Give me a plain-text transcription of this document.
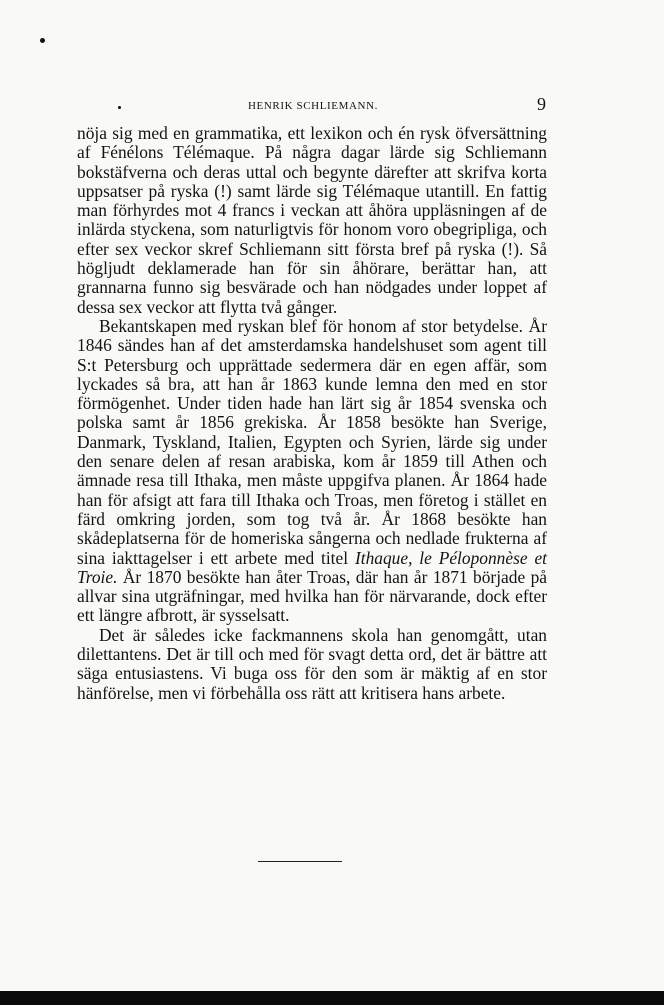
HENRIK SCHLIEMANN.	9

nöja sig med en grammatika, ett lexikon och én rysk öfversättning af Fénélons Télémaque. På några dagar lärde sig Schliemann bokstäfverna och deras uttal och begynte därefter att skrifva korta uppsatser på ryska (!) samt lärde sig Télémaque utantill. En fattig man förhyrdes mot 4 francs i veckan att åhöra uppläsningen af de inlärda styckena, som naturligtvis för honom voro obegripliga, och efter sex veckor skref Schliemann sitt första bref på ryska (!). Så högljudt deklamerade han för sin åhörare, berättar han, att grannarna funno sig besvärade och han nödgades under loppet af dessa sex veckor att flytta två gånger.

Bekantskapen med ryskan blef för honom af stor betydelse. År 1846 sändes han af det amsterdamska handelshuset som agent till S:t Petersburg och upprättade sedermera där en egen affär, som lyckades så bra, att han år 1863 kunde lemna den med en stor förmögenhet. Under tiden hade han lärt sig år 1854 svenska och polska samt år 1856 grekiska. År 1858 besökte han Sverige, Danmark, Tyskland, Italien, Egypten och Syrien, lärde sig under den senare delen af resan arabiska, kom år 1859 till Athen och ämnade resa till Ithaka, men måste uppgifva planen. År 1864 hade han för afsigt att fara till Ithaka och Troas, men företog i stället en färd omkring jorden, som tog två år. År 1868 besökte han skådeplatserna för de homeriska sångerna och nedlade frukterna af sina iakttagelser i ett arbete med titel Ithaque, le Péloponnèse et Troie. År 1870 besökte han åter Troas, där han år 1871 började på allvar sina utgräfningar, med hvilka han för närvarande, dock efter ett längre afbrott, är sysselsatt.

Det är således icke fackmannens skola han genomgått, utan dilettantens. Det är till och med för svagt detta ord, det är bättre att säga entusiastens. Vi buga oss för den som är mäktig af en stor hänförelse, men vi förbehålla oss rätt att kritisera hans arbete.
